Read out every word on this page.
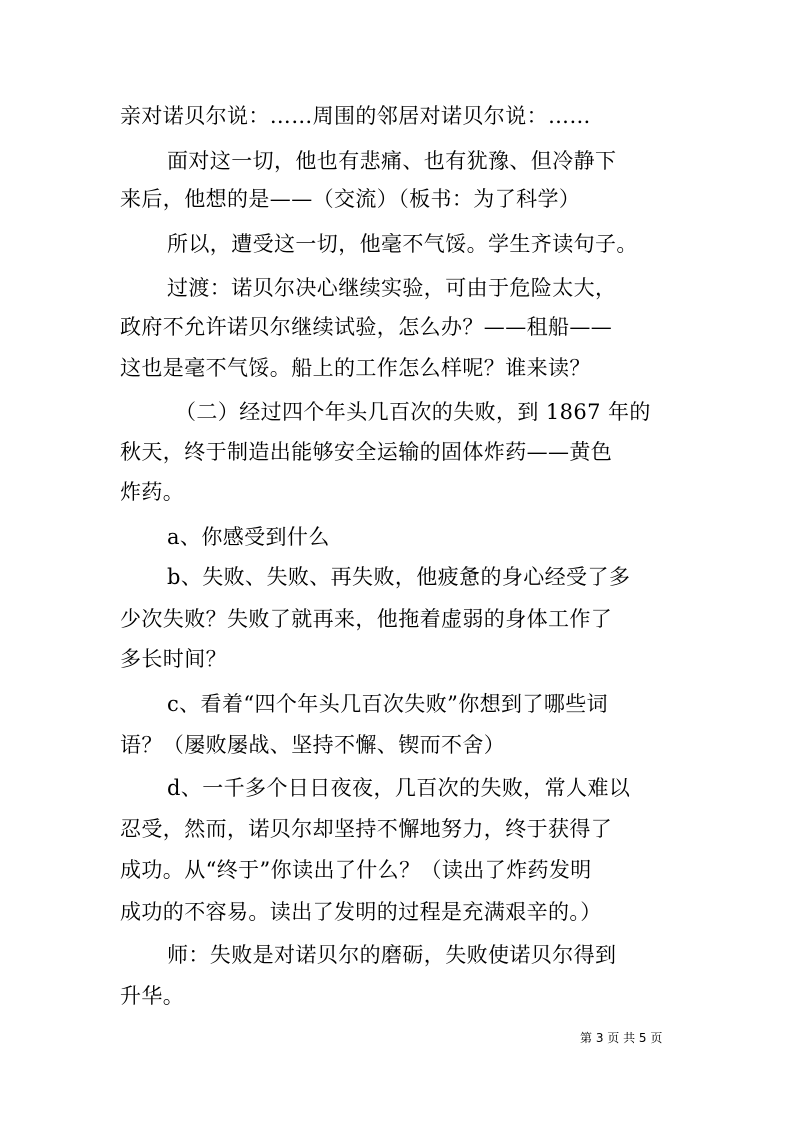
亲对诺贝尔说：……周围的邻居对诺贝尔说：……
面对这一切，他也有悲痛、也有犹豫、但冷静下
来后，他想的是——（交流）（板书：为了科学）
所以，遭受这一切，他毫不气馁。学生齐读句子。
过渡：诺贝尔决心继续实验，可由于危险太大，
政府不允许诺贝尔继续试验，怎么办？——租船——
这也是毫不气馁。船上的工作怎么样呢？谁来读？
（二）经过四个年头几百次的失败，到 1867 年的
秋天，终于制造出能够安全运输的固体炸药——黄色
炸药。
a、你感受到什么
b、失败、失败、再失败，他疲惫的身心经受了多
少次失败？失败了就再来，他拖着虚弱的身体工作了
多长时间？
c、看着“四个年头几百次失败”你想到了哪些词
语？（屡败屡战、坚持不懈、锲而不舍）
d、一千多个日日夜夜，几百次的失败，常人难以
忍受，然而，诺贝尔却坚持不懈地努力，终于获得了
成功。从“终于”你读出了什么？（读出了炸药发明
成功的不容易。读出了发明的过程是充满艰辛的。）
师：失败是对诺贝尔的磨砺，失败使诺贝尔得到
升华。
第 3 页 共 5 页
